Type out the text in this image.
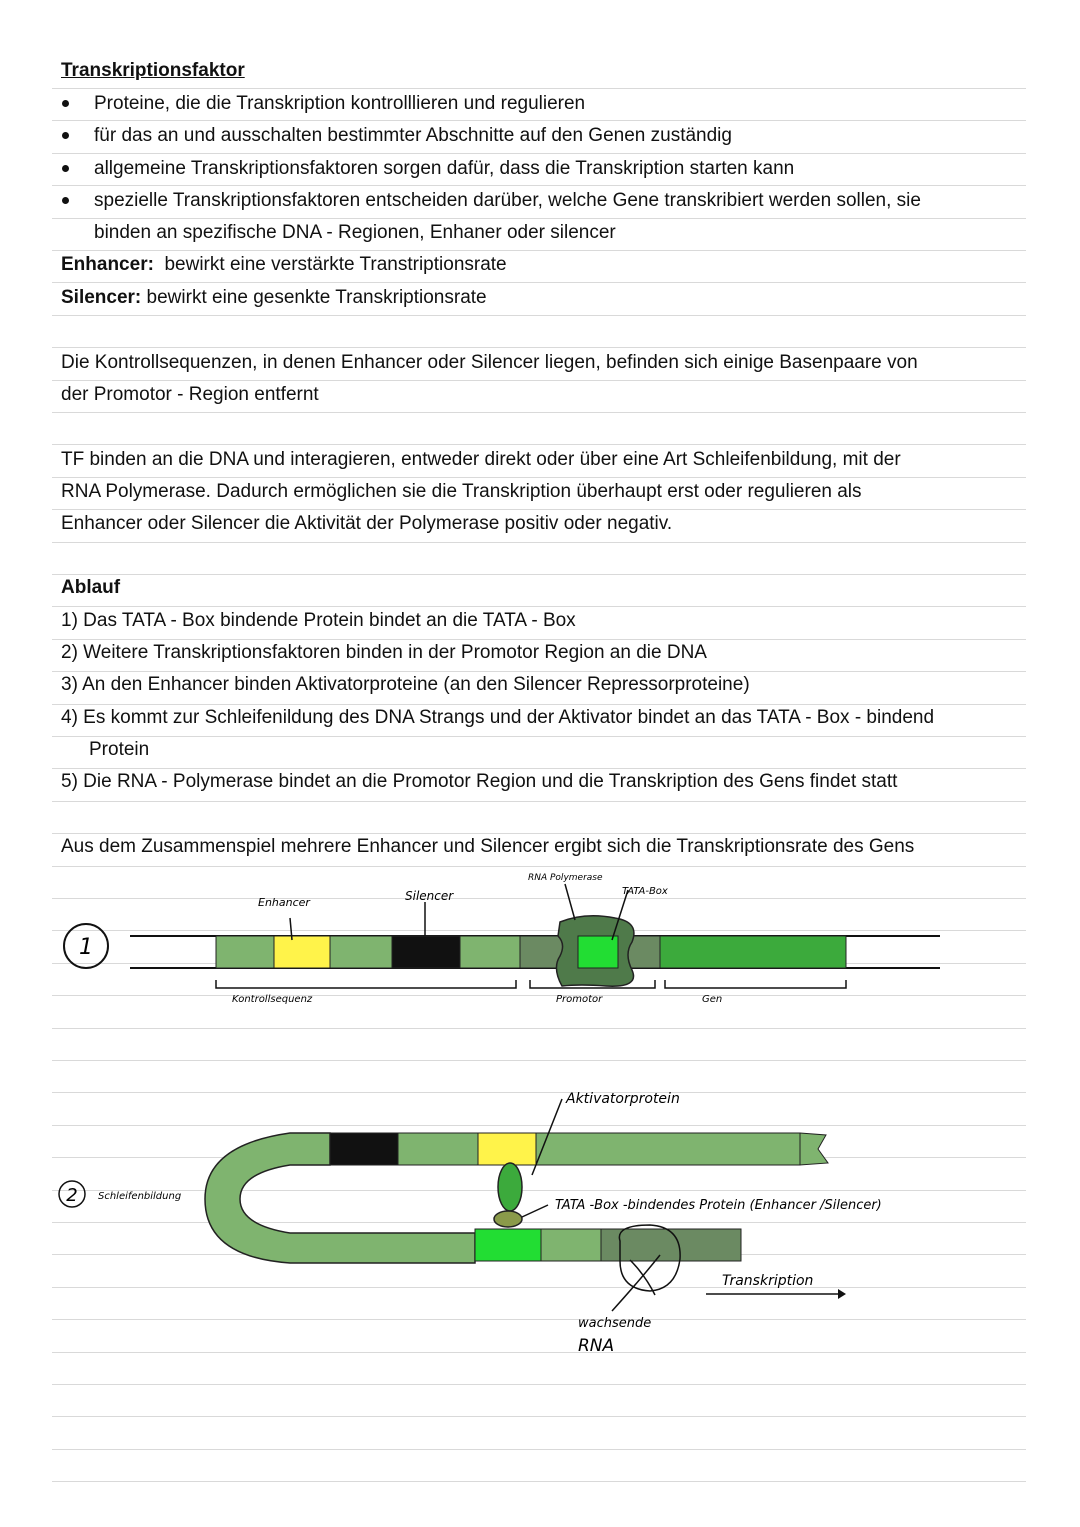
Transkriptionsfaktor
Proteine, die die Transkription kontrolllieren und regulieren
für das an und ausschalten bestimmter Abschnitte auf den Genen zuständig
allgemeine Transkriptionsfaktoren sorgen dafür, dass die Transkription starten kann
spezielle Transkriptionsfaktoren entscheiden darüber, welche Gene transkribiert werden sollen, sie
binden an spezifische DNA - Regionen, Enhaner oder silencer
Enhancer: bewirkt eine verstärkte Transtriptionsrate
Silencer: bewirkt eine gesenkte Transkriptionsrate
Die Kontrollsequenzen, in denen Enhancer oder Silencer liegen, befinden sich einige Basenpaare von
der Promotor - Region entfernt
TF binden an die DNA und interagieren, entweder direkt oder über eine Art Schleifenbildung, mit der
RNA Polymerase. Dadurch ermöglichen sie die Transkription überhaupt erst oder regulieren als
Enhancer oder Silencer die Aktivität der Polymerase positiv oder negativ.
Ablauf
1) Das TATA - Box bindende Protein bindet an die TATA - Box
2) Weitere Transkriptionsfaktoren binden in der Promotor Region an die DNA
3) An den Enhancer binden Aktivatorproteine (an den Silencer Repressorproteine)
4) Es kommt zur Schleifenildung des DNA Strangs und der Aktivator bindet an das TATA - Box - bindend
Protein
5) Die RNA - Polymerase bindet an die Promotor Region und die Transkription des Gens findet statt
Aus dem Zusammenspiel mehrere Enhancer und Silencer ergibt sich die Transkriptionsrate des Gens
1
Enhancer	Silencer
RNA Polymerase
TATA-Box
Kontrollsequenz	Promotor	Gen
2 Schleifenbildung
Aktivatorprotein
TATA -Box -bindendes Protein (Enhancer /Silencer)
Transkription
wachsende
RNA
